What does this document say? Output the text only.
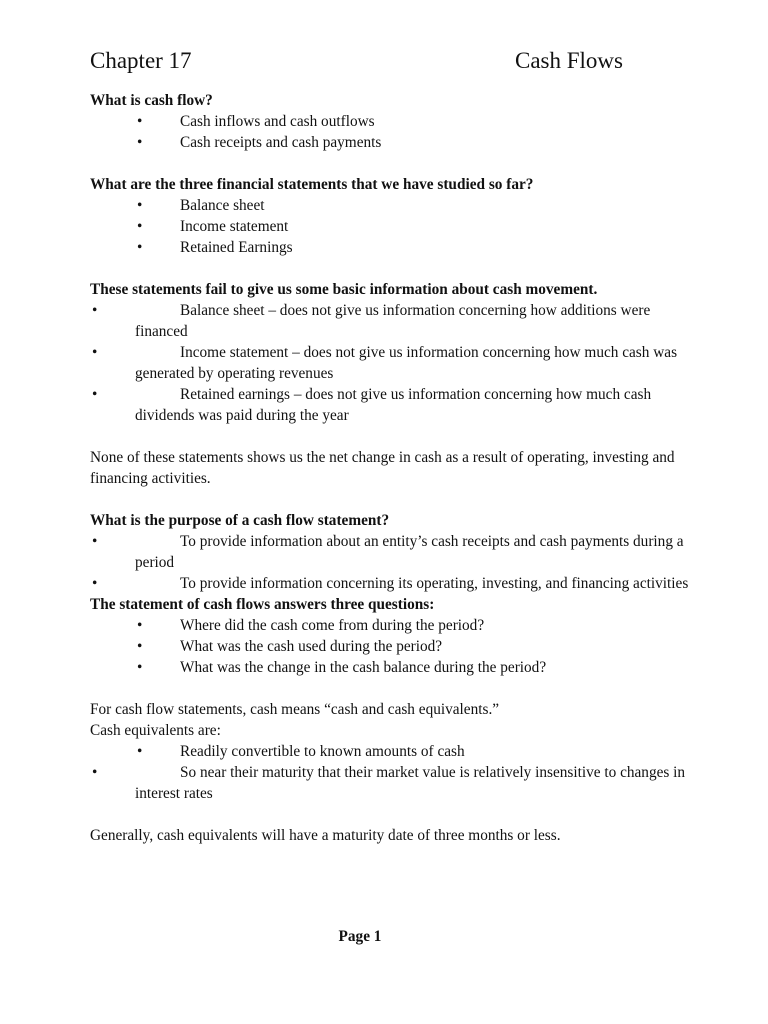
Chapter 17	Cash Flows

What is cash flow?

•	Cash inflows and cash outflows
•	Cash receipts and cash payments

What are the three financial statements that we have studied so far?

•	Balance sheet
•	Income statement
•	Retained Earnings

These statements fail to give us some basic information about cash movement.

•	Balance sheet – does not give us information concerning how additions were financed
•	Income statement – does not give us information concerning how much cash was generated by operating revenues
•	Retained earnings – does not give us information concerning how much cash dividends was paid during the year

None of these statements shows us the net change in cash as a result of operating, investing and financing activities.

What is the purpose of a cash flow statement?

•	To provide information about an entity’s cash receipts and cash payments during a period
•	To provide information concerning its operating, investing, and financing activities

The statement of cash flows answers three questions:

•	Where did the cash come from during the period?
•	What was the cash used during the period?
•	What was the change in the cash balance during the period?

For cash flow statements, cash means “cash and cash equivalents.”

Cash equivalents are:

•	Readily convertible to known amounts of cash
•	So near their maturity that their market value is relatively insensitive to changes in interest rates

Generally, cash equivalents will have a maturity date of three months or less.

Page 1
